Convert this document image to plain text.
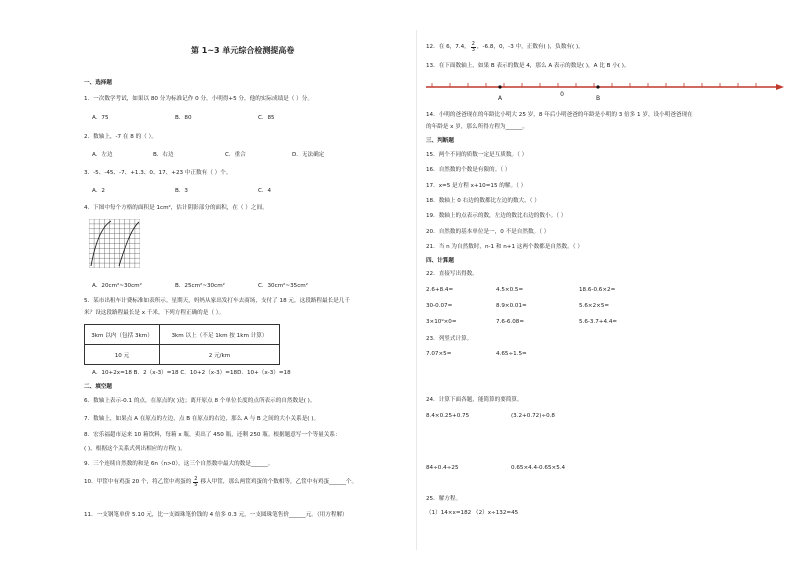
第 1~3 单元综合检测提高卷
一、选择题
1．一次数学考试，如果以 80 分为标准记作 0 分，小明得+5 分，他的实际成绩是（ ）分。
A．75	B．80	C．85
2．数轴上，-7 在 8 的（ ）。
A．左边	B．右边	C．重合	D．无法确定
3．-5、-45、-7、+1.3、0、17、+23 中正数有（ ）个。
A．2	B．3	C．4
4．下图中每个方格的面积是 1cm²，估计阴影部分的面积，在（ ）之间。
A．20cm²~30cm²	B．25cm²~30cm²	C．30cm²~35cm²
5．某市出租车计费标准如表所示。星期天，妈妈从家出发打车去商场，支付了 18 元，这段路程最长是几千
米？设这段路程最长是 x 千米，下列方程正确的是（ ）。
3km 以内（包括 3km）	3km 以上（不足 1km 按 1km 计算）
10 元	2 元/km
A．10+2x=18 B．2（x-3）=18 C．10+2（x-3）=18D．10+（x-3）=18
二、填空题
6．数轴上表示-0.1 的点，在原点的( )边；离开原点 8 个单位长度的点所表示的自然数是( )。
7．数轴上，如果点 A 在原点的左边，点 B 在原点的右边，那么 A 与 B 之间的大小关系是( )。
8．宏乐福超市运来 10 箱饮料，每箱 x 瓶，卖出了 450 瓶，还剩 250 瓶。根据题意写一个等量关系：
( )，根据这个关系式列出相应的方程( )。
9．三个连续自然数的和是 6n（n>0），这三个自然数中最大的数是______。
10．甲筐中有鸡蛋 20 个，将乙筐中鸡蛋的 $\frac{2}{5}$ 移入甲筐，那么两筐鸡蛋的个数相等，乙筐中有鸡蛋______个。
11．一支钢笔单价 5.10 元，比一支圆珠笔价钱的 4 倍多 0.3 元，一支圆珠笔售价______元。（用方程解）
12．在 6，7.4， $\frac{2}{3}$ ，-6.8，0，-3 中，正数有( )，负数有( )。
13．在下面数轴上，如果 B 表示的数是 4，那么 A 表示的数是( )，A 比 B 小( )。
A
0
B
14．小明的爸爸现在的年龄比小明大 25 岁，8 年后小明爸爸的年龄是小明的 3 倍多 1 岁，设小明爸爸现在
的年龄是 x 岁，那么所得方程为______。
三、判断题
15．两个不同的质数一定是互质数。（ ）
16．自然数的个数是有限的。（ ）
17．x=5 是方程 x+10=15 的解。（ ）
18．数轴上 0 右边的数都比左边的数大。（ ）
19．数轴上的点表示的数，左边的数比右边的数小。（ ）
20．自然数的基本单位是一，0 不是自然数。（ ）
21．当 n 为自然数时，n-1 和 n+1 这两个数都是自然数。（ ）
四、计算题
22．直接写出得数。
2.6+8.4=	4.5×0.5=	18.6-0.6×2=
30-0.07=	8.9×0.01=	5.6×2×5=
3×10⁹×0=	7.6-6.08=	5.6-3.7+4.4=
23．列竖式计算。
7.07×5=	4.65÷1.5=
24．计算下面各题，能简算的要简算。
8.4×0.25+0.75	(3.2+0.72)÷0.8
84÷0.4÷25	0.65×4.4-0.65×5.4
25．解方程。
（1）14×x=182 （2）x÷132=45
